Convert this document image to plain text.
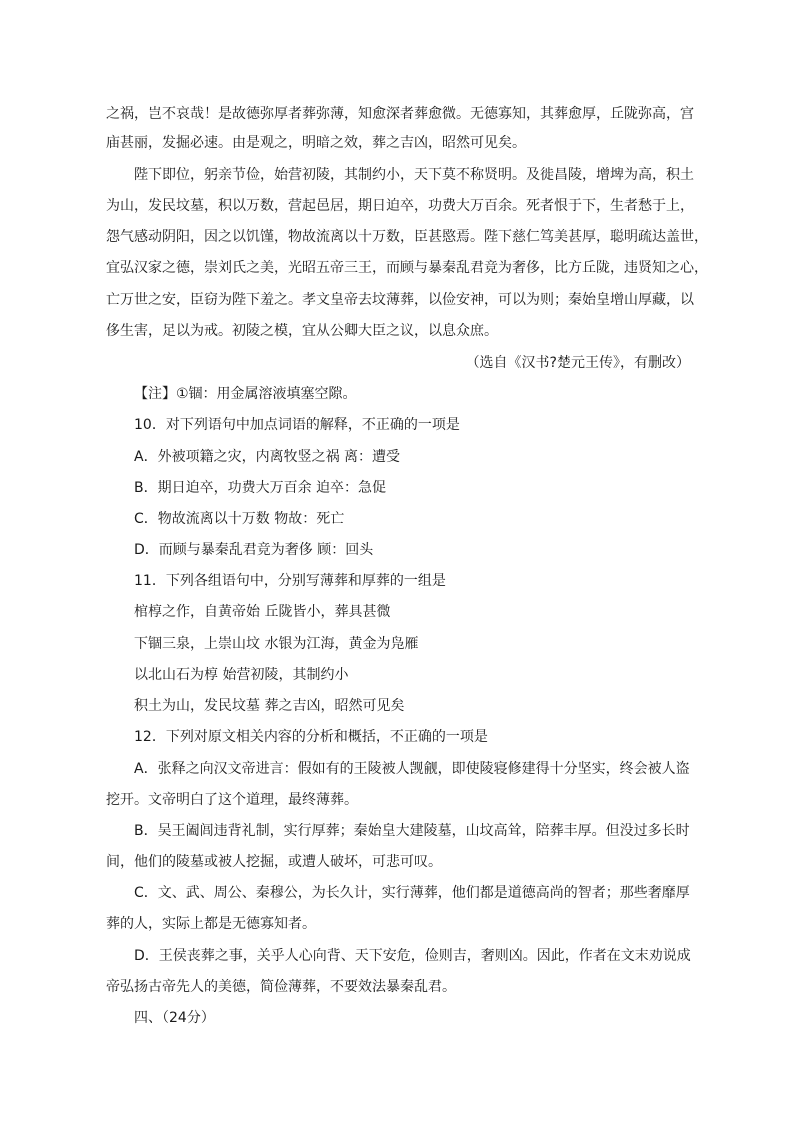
之祸，岂不哀哉！是故德弥厚者葬弥薄，知愈深者葬愈微。无德寡知，其葬愈厚，丘陇弥高，宫
庙甚丽，发掘必速。由是观之，明暗之效，葬之吉凶，昭然可见矣。
陛下即位，躬亲节俭，始营初陵，其制约小，天下莫不称贤明。及徙昌陵，增埤为高，积土
为山，发民坟墓，积以万数，营起邑居，期日迫卒，功费大万百余。死者恨于下，生者愁于上，
怨气感动阴阳，因之以饥馑，物故流离以十万数，臣甚愍焉。陛下慈仁笃美甚厚，聪明疏达盖世，
宜弘汉家之德，崇刘氏之美，光昭五帝三王，而顾与暴秦乱君竞为奢侈，比方丘陇，违贤知之心，
亡万世之安，臣窃为陛下羞之。孝文皇帝去坟薄葬，以俭安神，可以为则；秦始皇增山厚藏，以
侈生害，足以为戒。初陵之模，宜从公卿大臣之议，以息众庶。
（选自《汉书?楚元王传》，有删改）
【注】①锢：用金属溶液填塞空隙。
10．对下列语句中加点词语的解释，不正确的一项是
A．外被项籍之灾，内离牧竖之祸 离：遭受
B．期日迫卒，功费大万百余 迫卒：急促
C．物故流离以十万数 物故：死亡
D．而顾与暴秦乱君竞为奢侈 顾：回头
11．下列各组语句中，分别写薄葬和厚葬的一组是
棺椁之作，自黄帝始 丘陇皆小，葬具甚微
下锢三泉，上崇山坟 水银为江海，黄金为凫雁
以北山石为椁 始营初陵，其制约小
积土为山，发民坟墓 葬之吉凶，昭然可见矣
12．下列对原文相关内容的分析和概括，不正确的一项是
A．张释之向汉文帝进言：假如有的王陵被人觊觎，即使陵寝修建得十分坚实，终会被人盗
挖开。文帝明白了这个道理，最终薄葬。
B．吴王阖闾违背礼制，实行厚葬；秦始皇大建陵墓，山坟高耸，陪葬丰厚。但没过多长时
间，他们的陵墓或被人挖掘，或遭人破坏，可悲可叹。
C．文、武、周公、秦穆公，为长久计，实行薄葬，他们都是道德高尚的智者；那些奢靡厚
葬的人，实际上都是无德寡知者。
D．王侯丧葬之事，关乎人心向背、天下安危，俭则吉，奢则凶。因此，作者在文末劝说成
帝弘扬古帝先人的美德，简俭薄葬，不要效法暴秦乱君。
四、（24分）
